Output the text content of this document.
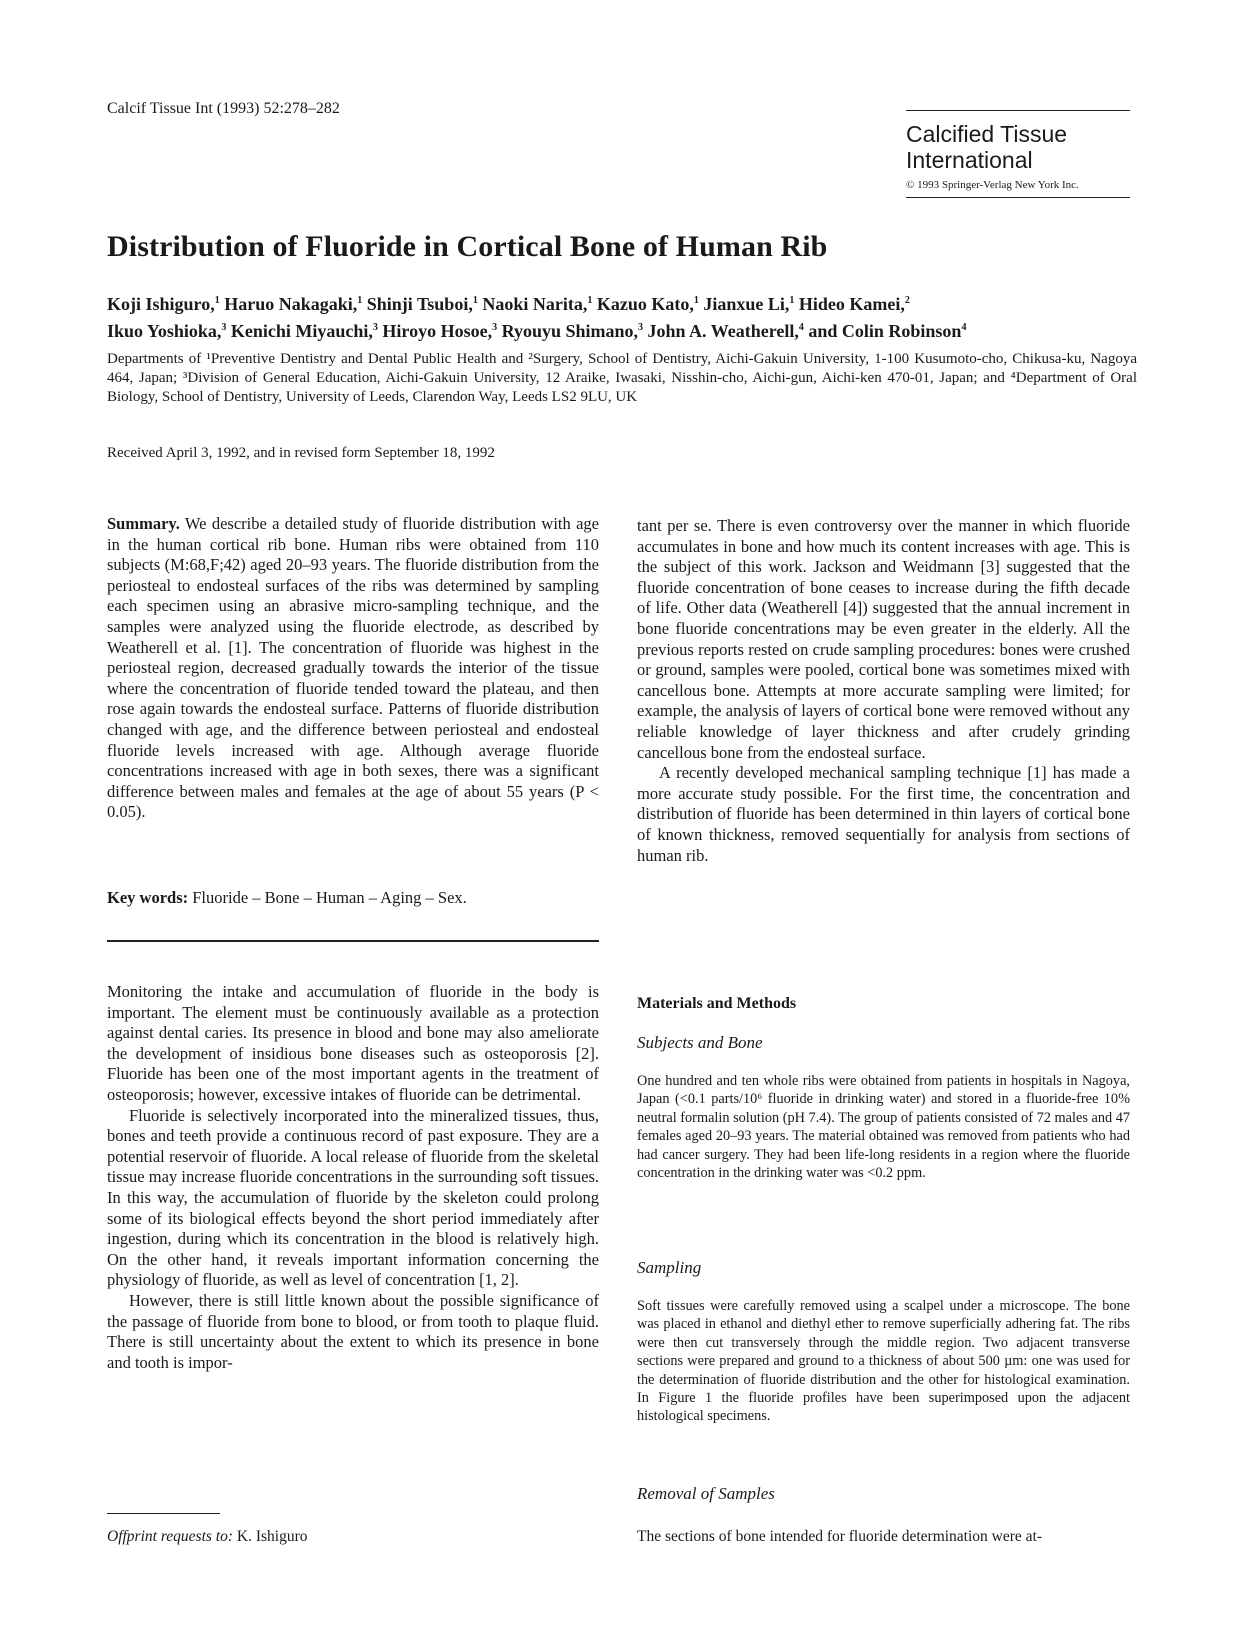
Calcif Tissue Int (1993) 52:278–282
Calcified Tissue
International
© 1993 Springer-Verlag New York Inc.
Distribution of Fluoride in Cortical Bone of Human Rib
Koji Ishiguro,$^1$ Haruo Nakagaki,$^1$ Shinji Tsuboi,$^1$ Naoki Narita,$^1$ Kazuo Kato,$^1$ Jianxue Li,$^1$ Hideo Kamei,$^2$
Ikuo Yoshioka,$^3$ Kenichi Miyauchi,$^3$ Hiroyo Hosoe,$^3$ Ryouyu Shimano,$^3$ John A. Weatherell,$^4$ and Colin Robinson$^4$
Departments of ¹Preventive Dentistry and Dental Public Health and ²Surgery, School of Dentistry, Aichi-Gakuin University, 1-100 Kusumoto-cho, Chikusa-ku, Nagoya 464, Japan; ³Division of General Education, Aichi-Gakuin University, 12 Araike, Iwasaki, Nisshin-cho, Aichi-gun, Aichi-ken 470-01, Japan; and ⁴Department of Oral Biology, School of Dentistry, University of Leeds, Clarendon Way, Leeds LS2 9LU, UK
Received April 3, 1992, and in revised form September 18, 1992
Summary. We describe a detailed study of fluoride distribution with age in the human cortical rib bone. Human ribs were obtained from 110 subjects (M:68,F;42) aged 20–93 years. The fluoride distribution from the periosteal to endosteal surfaces of the ribs was determined by sampling each specimen using an abrasive micro-sampling technique, and the samples were analyzed using the fluoride electrode, as described by Weatherell et al. [1]. The concentration of fluoride was highest in the periosteal region, decreased gradually towards the interior of the tissue where the concentration of fluoride tended toward the plateau, and then rose again towards the endosteal surface. Patterns of fluoride distribution changed with age, and the difference between periosteal and endosteal fluoride levels increased with age. Although average fluoride concentrations increased with age in both sexes, there was a significant difference between males and females at the age of about 55 years (P < 0.05).
Key words: Fluoride – Bone – Human – Aging – Sex.

Monitoring the intake and accumulation of fluoride in the body is important. The element must be continuously available as a protection against dental caries. Its presence in blood and bone may also ameliorate the development of insidious bone diseases such as osteoporosis [2]. Fluoride has been one of the most important agents in the treatment of osteoporosis; however, excessive intakes of fluoride can be detrimental.

Fluoride is selectively incorporated into the mineralized tissues, thus, bones and teeth provide a continuous record of past exposure. They are a potential reservoir of fluoride. A local release of fluoride from the skeletal tissue may increase fluoride concentrations in the surrounding soft tissues. In this way, the accumulation of fluoride by the skeleton could prolong some of its biological effects beyond the short period immediately after ingestion, during which its concentration in the blood is relatively high. On the other hand, it reveals important information concerning the physiology of fluoride, as well as level of concentration [1, 2].

However, there is still little known about the possible significance of the passage of fluoride from bone to blood, or from tooth to plaque fluid. There is still uncertainty about the extent to which its presence in bone and tooth is impor-

tant per se. There is even controversy over the manner in which fluoride accumulates in bone and how much its content increases with age. This is the subject of this work. Jackson and Weidmann [3] suggested that the fluoride concentration of bone ceases to increase during the fifth decade of life. Other data (Weatherell [4]) suggested that the annual increment in bone fluoride concentrations may be even greater in the elderly. All the previous reports rested on crude sampling procedures: bones were crushed or ground, samples were pooled, cortical bone was sometimes mixed with cancellous bone. Attempts at more accurate sampling were limited; for example, the analysis of layers of cortical bone were removed without any reliable knowledge of layer thickness and after crudely grinding cancellous bone from the endosteal surface.

A recently developed mechanical sampling technique [1] has made a more accurate study possible. For the first time, the concentration and distribution of fluoride has been determined in thin layers of cortical bone of known thickness, removed sequentially for analysis from sections of human rib.

Materials and Methods
Subjects and Bone
One hundred and ten whole ribs were obtained from patients in hospitals in Nagoya, Japan (<0.1 parts/10⁶ fluoride in drinking water) and stored in a fluoride-free 10% neutral formalin solution (pH 7.4). The group of patients consisted of 72 males and 47 females aged 20–93 years. The material obtained was removed from patients who had had cancer surgery. They had been life-long residents in a region where the fluoride concentration in the drinking water was <0.2 ppm.
Sampling
Soft tissues were carefully removed using a scalpel under a microscope. The bone was placed in ethanol and diethyl ether to remove superficially adhering fat. The ribs were then cut transversely through the middle region. Two adjacent transverse sections were prepared and ground to a thickness of about 500 µm: one was used for the determination of fluoride distribution and the other for histological examination. In Figure 1 the fluoride profiles have been superimposed upon the adjacent histological specimens.
Removal of Samples
The sections of bone intended for fluoride determination were at-
Offprint requests to: K. Ishiguro
